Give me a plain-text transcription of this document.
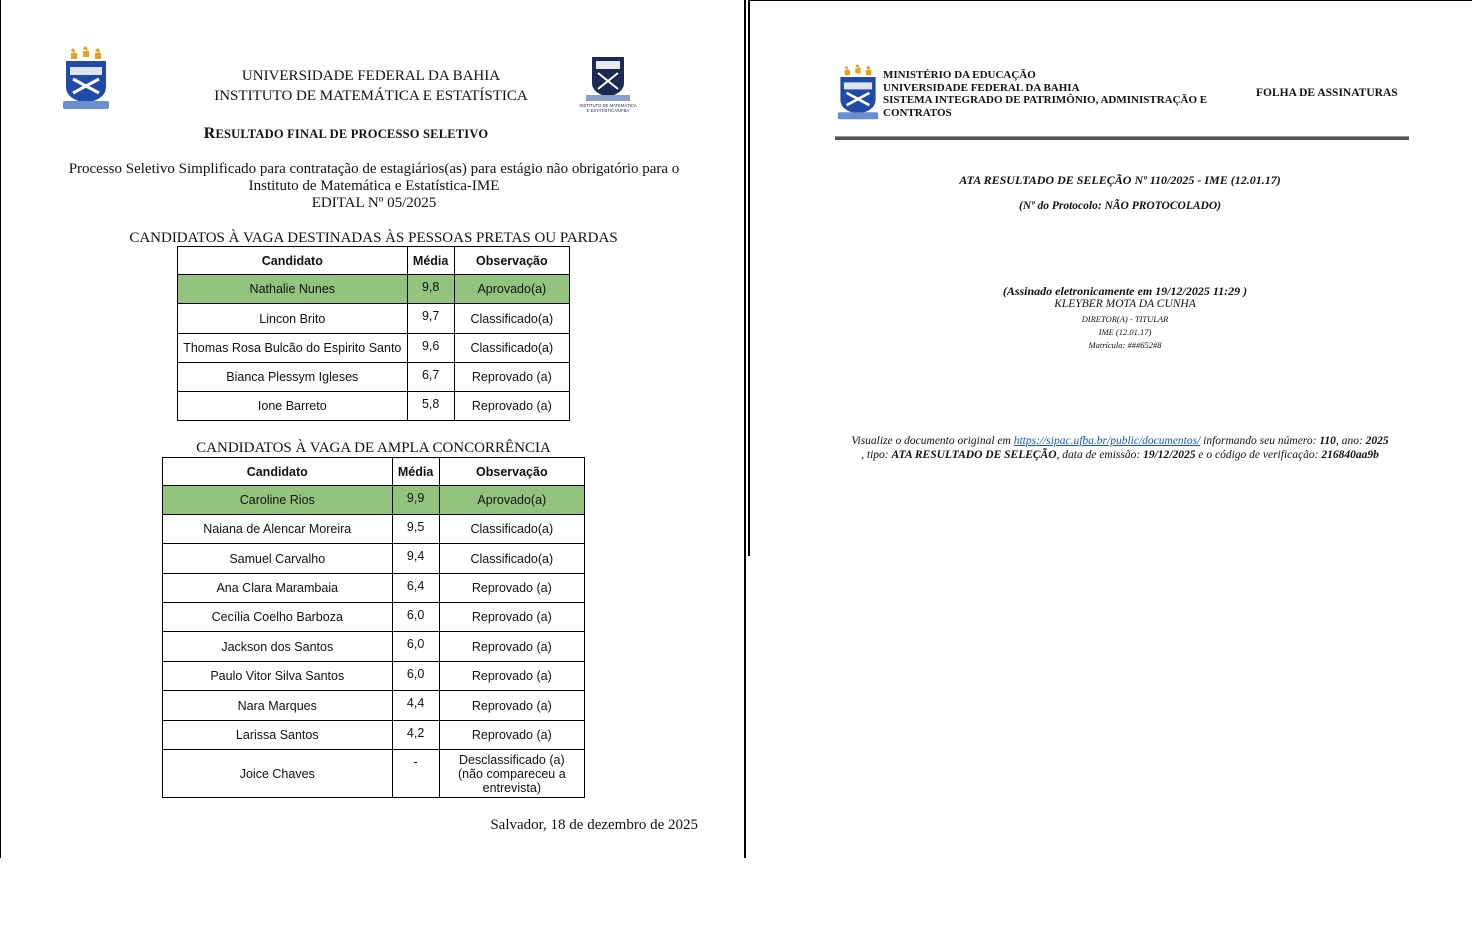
INSTITUTO DE MATEMÁTICA
E ESTATÍSTICA/UFBA
UNIVERSIDADE FEDERAL DA BAHIA
INSTITUTO DE MATEMÁTICA E ESTATÍSTICA
RESULTADO FINAL DE PROCESSO SELETIVO
Processo Seletivo Simplificado para contratação de estagiários(as) para estágio não obrigatório para o
Instituto de Matemática e Estatística-IME
EDITAL Nº 05/2025
CANDIDATOS À VAGA DESTINADAS ÀS PESSOAS PRETAS OU PARDAS
Candidato	Média	Observação
Nathalie Nunes	9,8	Aprovado(a)
Lincon Brito	9,7	Classificado(a)
Thomas Rosa Bulcão do Espirito Santo	9,6	Classificado(a)
Bianca Plessym Igleses	6,7	Reprovado (a)
Ione Barreto	5,8	Reprovado (a)
CANDIDATOS À VAGA DE AMPLA CONCORRÊNCIA
Candidato	Média	Observação
Caroline Rios	9,9	Aprovado(a)
Naiana de Alencar Moreira	9,5	Classificado(a)
Samuel Carvalho	9,4	Classificado(a)
Ana Clara Marambaia	6,4	Reprovado (a)
Cecília Coelho Barboza	6,0	Reprovado (a)
Jackson dos Santos	6,0	Reprovado (a)
Paulo Vitor Silva Santos	6,0	Reprovado (a)
Nara Marques	4,4	Reprovado (a)
Larissa Santos	4,2	Reprovado (a)
Joice Chaves	-	Desclassificado (a)
(não compareceu a
entrevista)
Salvador, 18 de dezembro de 2025
MINISTÉRIO DA EDUCAÇÃO
UNIVERSIDADE FEDERAL DA BAHIA
SISTEMA INTEGRADO DE PATRIMÔNIO, ADMINISTRAÇÃO E
CONTRATOS
FOLHA DE ASSINATURAS
ATA RESULTADO DE SELEÇÃO Nº 110/2025 - IME (12.01.17)
(Nº do Protocolo: NÃO PROTOCOLADO)
(Assinado eletronicamente em 19/12/2025 11:29 )
KLEYBER MOTA DA CUNHA
DIRETOR(A) - TITULAR
IME (12.01.17)
Matrícula: ###652#8
Visualize o documento original em https://sipac.ufba.br/public/documentos/ informando seu número: 110, ano: 2025
, tipo: ATA RESULTADO DE SELEÇÃO, data de emissão: 19/12/2025 e o código de verificação: 216840aa9b
